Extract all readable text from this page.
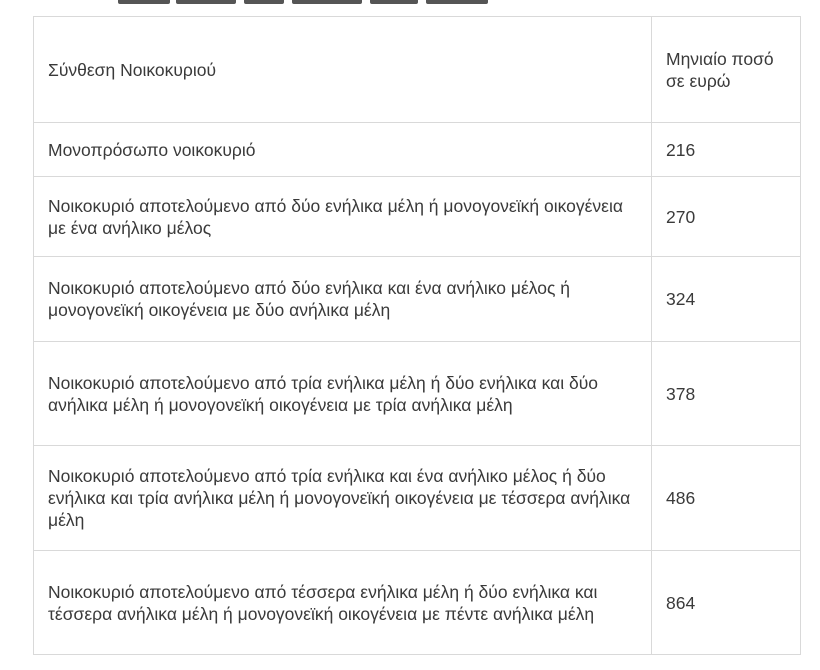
Σύνθεση Νοικοκυριού	Μηνιαίο ποσό σε ευρώ
Μονοπρόσωπο νοικοκυριό	216
Νοικοκυριό αποτελούμενο από δύο ενήλικα μέλη ή μονογονεϊκή οικογένεια με ένα ανήλικο μέλος	270
Νοικοκυριό αποτελούμενο από δύο ενήλικα και ένα ανήλικο μέλος ή μονογονεϊκή οικογένεια με δύο ανήλικα μέλη	324
Νοικοκυριό αποτελούμενο από τρία ενήλικα μέλη ή δύο ενήλικα και δύο ανήλικα μέλη ή μονογονεϊκή οικογένεια με τρία ανήλικα μέλη	378
Νοικοκυριό αποτελούμενο από τρία ενήλικα και ένα ανήλικο μέλος ή δύο ενήλικα και τρία ανήλικα μέλη ή μονογονεϊκή οικογένεια με τέσσερα ανήλικα μέλη	486
Νοικοκυριό αποτελούμενο από τέσσερα ενήλικα μέλη ή δύο ενήλικα και τέσσερα ανήλικα μέλη ή μονογονεϊκή οικογένεια με πέντε ανήλικα μέλη	864
